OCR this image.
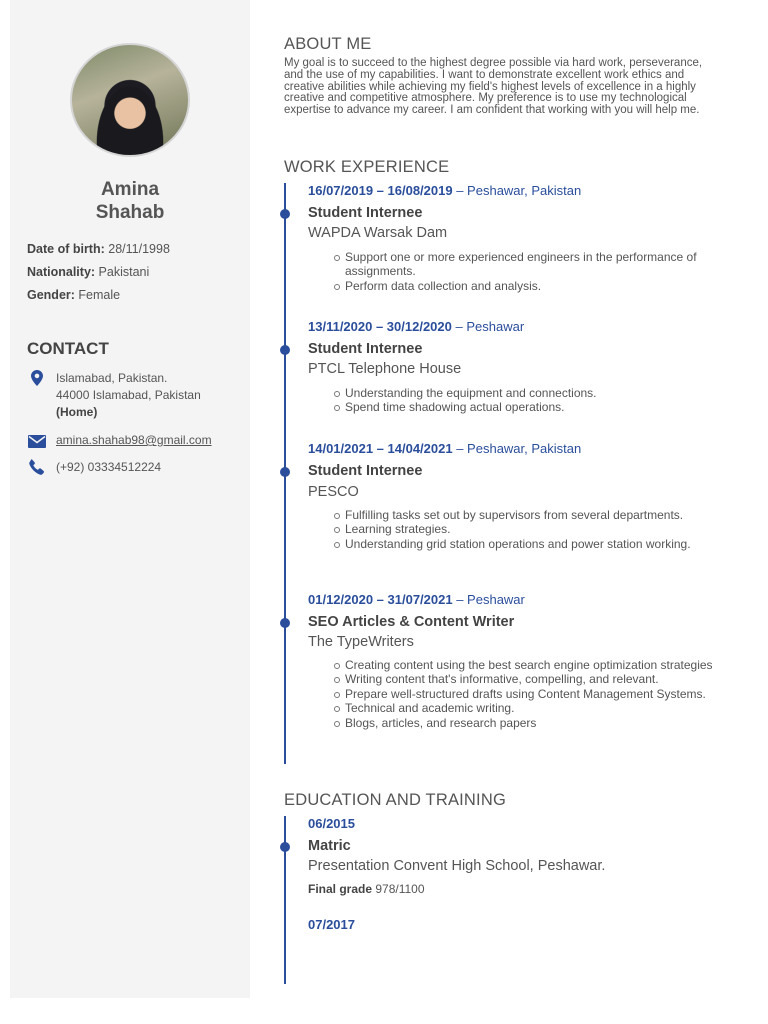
Amina
Shahab
Date of birth: 28/11/1998
Nationality: Pakistani
Gender: Female
CONTACT
Islamabad, Pakistan.
44000 Islamabad, Pakistan
(Home)
amina.shahab98@gmail.com
(+92) 03334512224
ABOUT ME
My goal is to succeed to the highest degree possible via hard work, perseverance, and the use of my capabilities. I want to demonstrate excellent work ethics and creative abilities while achieving my field's highest levels of excellence in a highly creative and competitive atmosphere. My preference is to use my technological expertise to advance my career. I am confident that working with you will help me.
WORK EXPERIENCE
16/07/2019 – 16/08/2019 – Peshawar, Pakistan
Student Internee
WAPDA Warsak Dam
Support one or more experienced engineers in the performance of assignments.
Perform data collection and analysis.
13/11/2020 – 30/12/2020 – Peshawar
Student Internee
PTCL Telephone House
Understanding the equipment and connections.
Spend time shadowing actual operations.
14/01/2021 – 14/04/2021 – Peshawar, Pakistan
Student Internee
PESCO
Fulfilling tasks set out by supervisors from several departments.
Learning strategies.
Understanding grid station operations and power station working.
01/12/2020 – 31/07/2021 – Peshawar
SEO Articles & Content Writer
The TypeWriters
Creating content using the best search engine optimization strategies
Writing content that's informative, compelling, and relevant.
Prepare well-structured drafts using Content Management Systems.
Technical and academic writing.
Blogs, articles, and research papers
EDUCATION AND TRAINING
06/2015
Matric
Presentation Convent High School, Peshawar.
Final grade 978/1100
07/2017
